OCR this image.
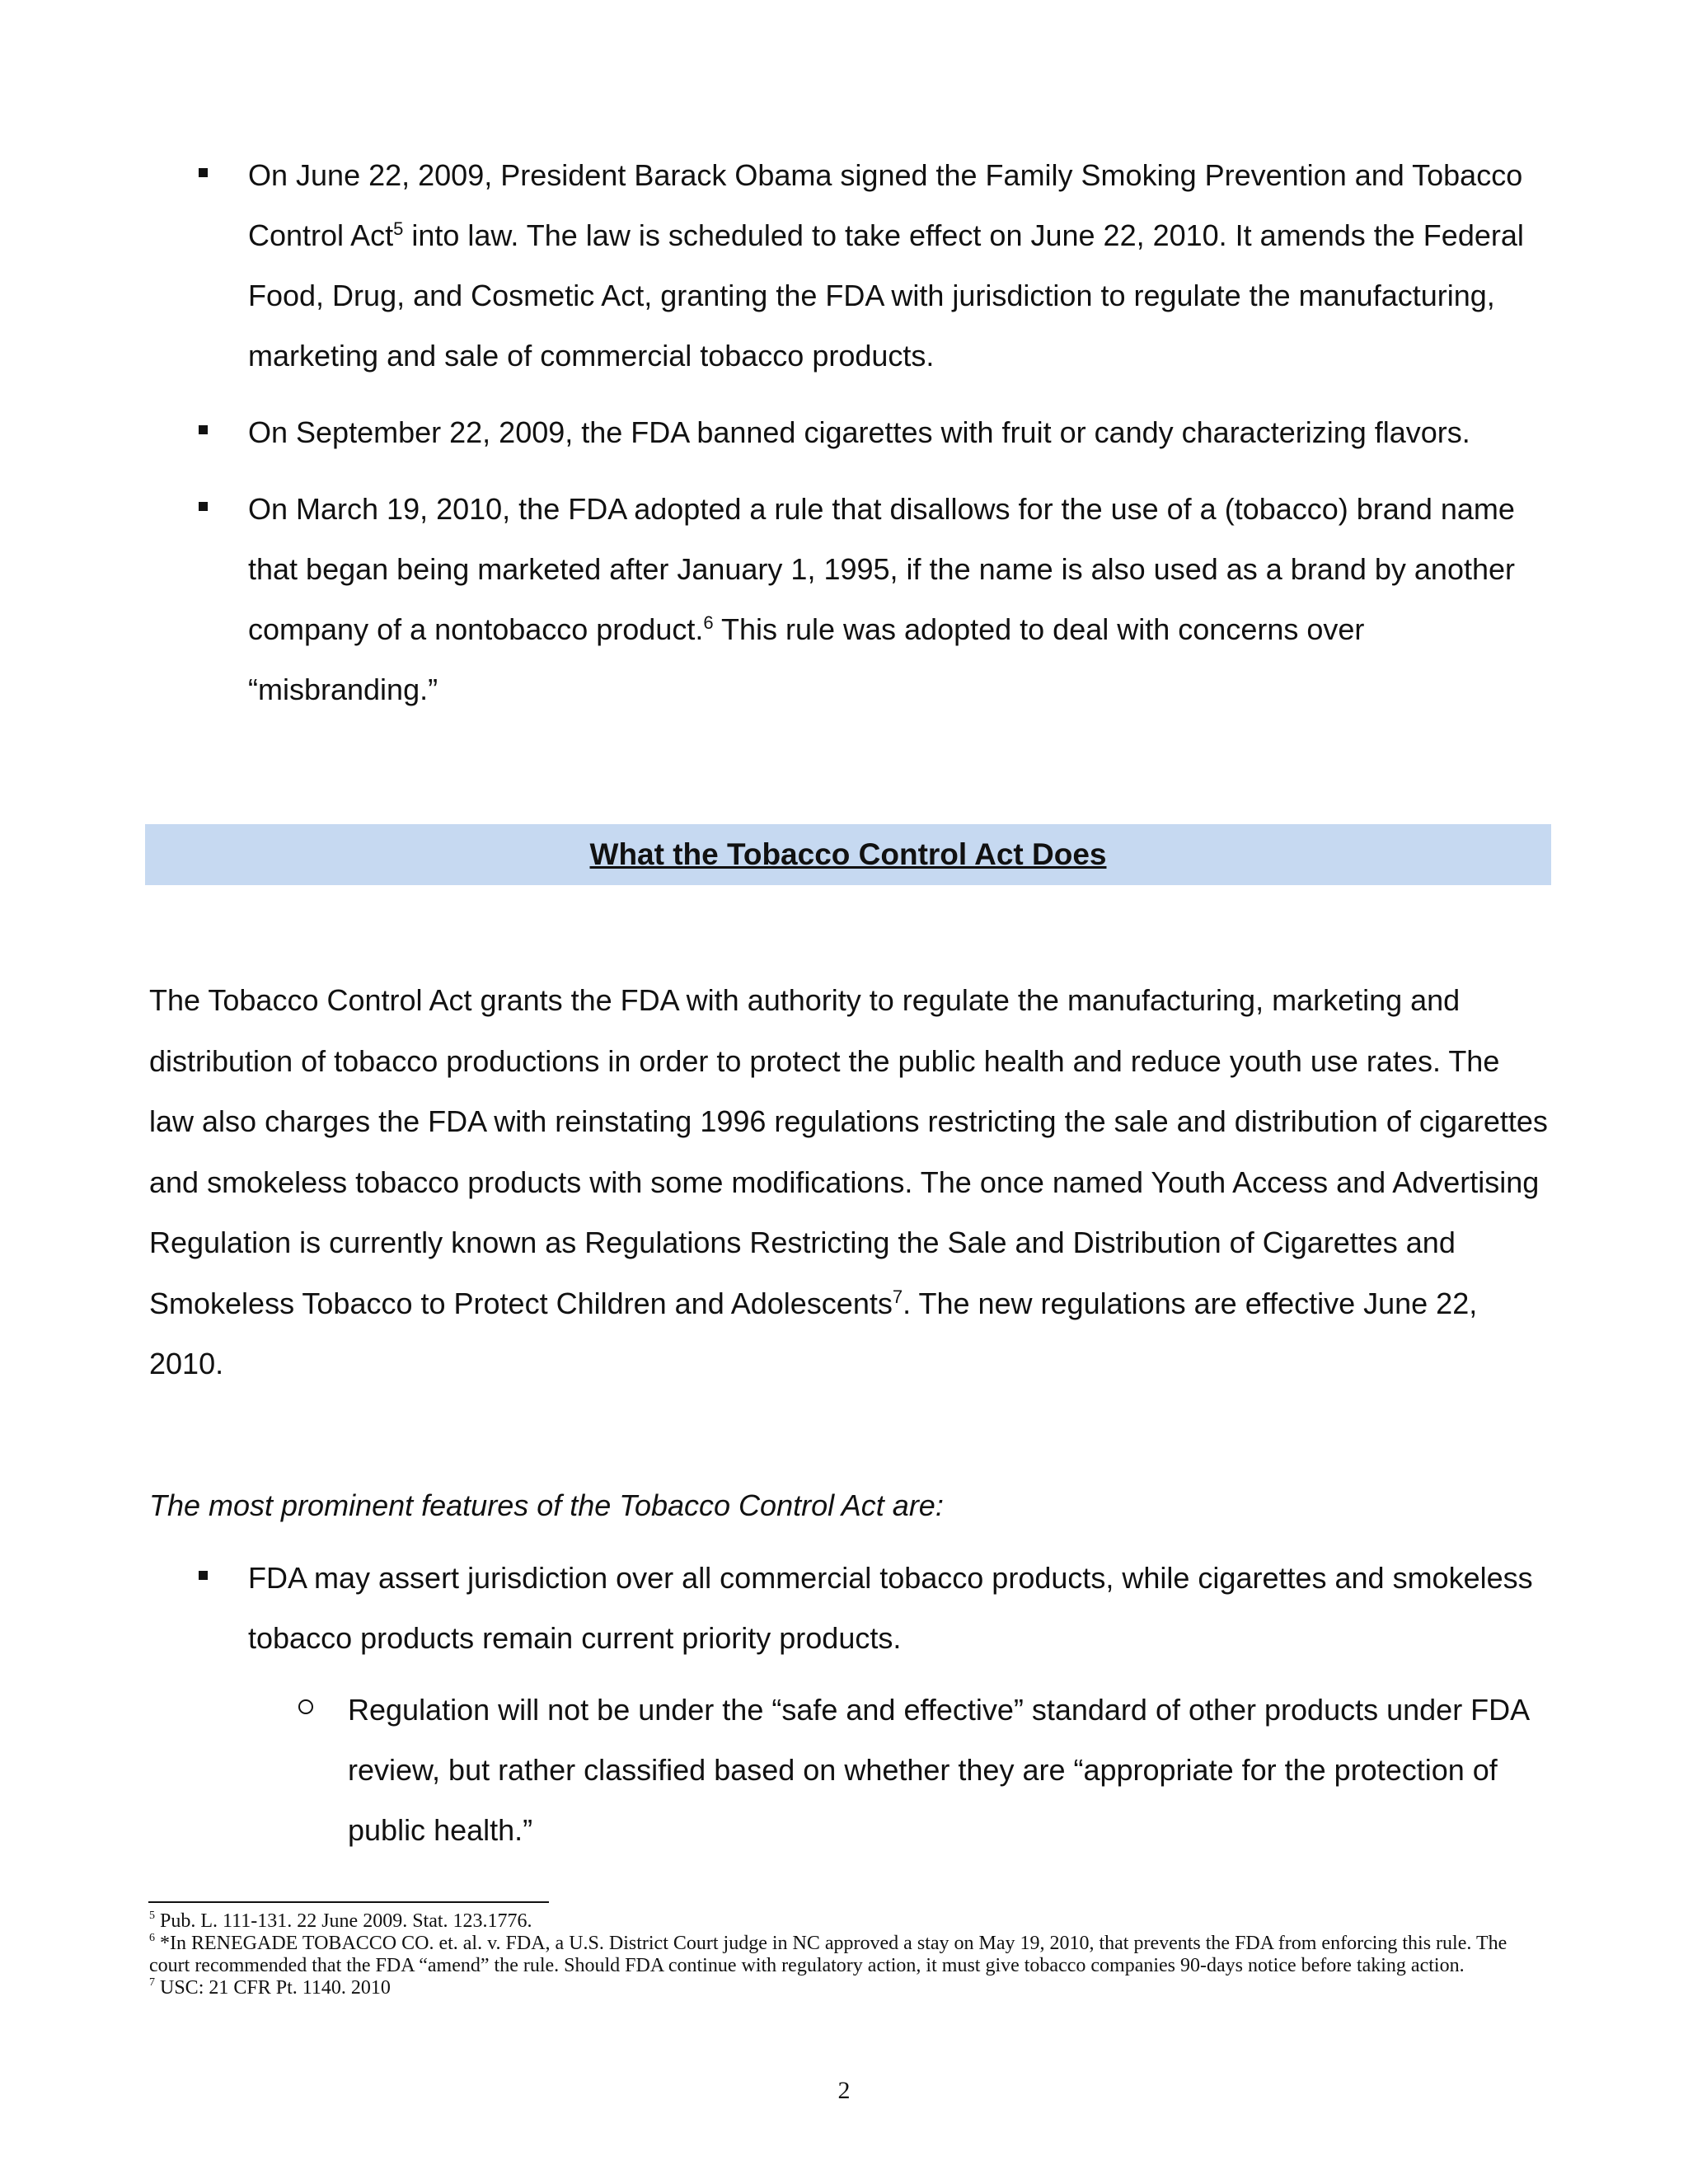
On June 22, 2009, President Barack Obama signed the Family Smoking Prevention and Tobacco Control Act$^5$ into law. The law is scheduled to take effect on June 22, 2010. It amends the Federal Food, Drug, and Cosmetic Act, granting the FDA with jurisdiction to regulate the manufacturing, marketing and sale of commercial tobacco products.
On September 22, 2009, the FDA banned cigarettes with fruit or candy characterizing flavors.
On March 19, 2010, the FDA adopted a rule that disallows for the use of a (tobacco) brand name that began being marketed after January 1, 1995, if the name is also used as a brand by another company of a nontobacco product.$^6$ This rule was adopted to deal with concerns over “misbranding.”
What the Tobacco Control Act Does
The Tobacco Control Act grants the FDA with authority to regulate the manufacturing, marketing and distribution of tobacco productions in order to protect the public health and reduce youth use rates. The law also charges the FDA with reinstating 1996 regulations restricting the sale and distribution of cigarettes and smokeless tobacco products with some modifications. The once named Youth Access and Advertising Regulation is currently known as Regulations Restricting the Sale and Distribution of Cigarettes and Smokeless Tobacco to Protect Children and Adolescents$^7$. The new regulations are effective June 22, 2010.
The most prominent features of the Tobacco Control Act are:
FDA may assert jurisdiction over all commercial tobacco products, while cigarettes and smokeless tobacco products remain current priority products.
Regulation will not be under the “safe and effective” standard of other products under FDA review, but rather classified based on whether they are “appropriate for the protection of public health.”

$^5$ Pub. L. 111-131. 22 June 2009. Stat. 123.1776.

$^6$ *In RENEGADE TOBACCO CO. et. al. v. FDA, a U.S. District Court judge in NC approved a stay on May 19, 2010, that prevents the FDA from enforcing this rule. The court recommended that the FDA “amend” the rule. Should FDA continue with regulatory action, it must give tobacco companies 90-days notice before taking action.

$^7$ USC: 21 CFR Pt. 1140. 2010

2
